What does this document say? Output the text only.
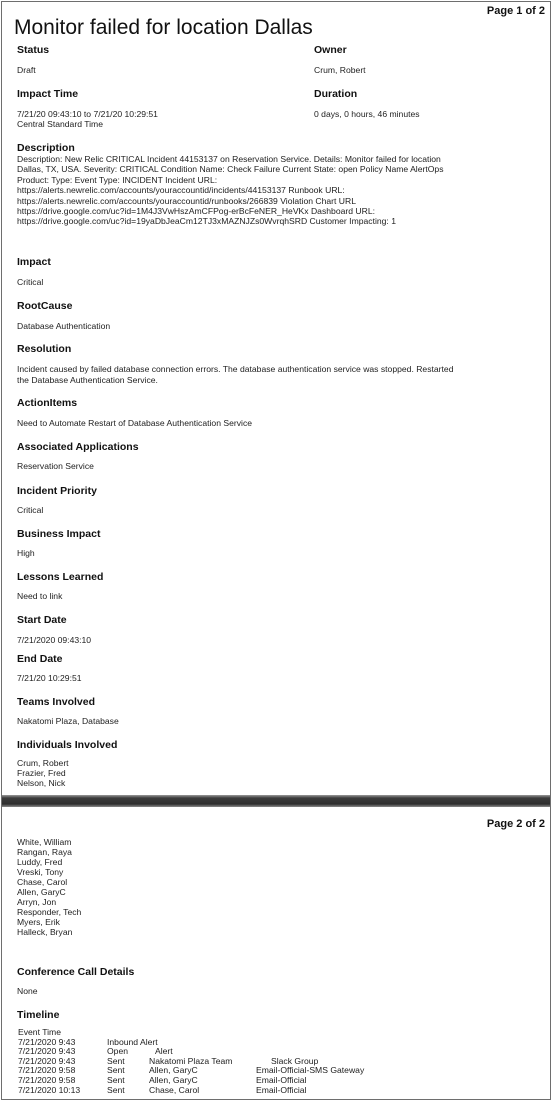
Page 1 of 2
Monitor failed for location Dallas
Status
Draft
Owner
Crum, Robert
Impact Time
7/21/20 09:43:10 to 7/21/20 10:29:51
Central Standard Time
Duration
0 days, 0 hours, 46 minutes
Description
Description: New Relic CRITICAL Incident 44153137 on Reservation Service. Details: Monitor failed for location
Dallas, TX, USA. Severity: CRITICAL Condition Name: Check Failure Current State: open Policy Name AlertOps
Product: Type: Event Type: INCIDENT Incident URL:
https://alerts.newrelic.com/accounts/youraccountid/incidents/44153137 Runbook URL:
https://alerts.newrelic.com/accounts/youraccountid/runbooks/266839 Violation Chart URL
https://drive.google.com/uc?id=1M4J3VwHszAmCFPog-erBcFeNER_HeVKx Dashboard URL:
https://drive.google.com/uc?id=19yaDbJeaCm12TJ3xMAZNJZs0WvrqhSRD Customer Impacting: 1
Impact
Critical
RootCause
Database Authentication
Resolution
Incident caused by failed database connection errors. The database authentication service was stopped. Restarted
the Database Authentication Service.
ActionItems
Need to Automate Restart of Database Authentication Service
Associated Applications
Reservation Service
Incident Priority
Critical
Business Impact
High
Lessons Learned
Need to link
Start Date
7/21/2020 09:43:10
End Date
7/21/20 10:29:51
Teams Involved
Nakatomi Plaza, Database
Individuals Involved
Crum, Robert
Frazier, Fred
Nelson, Nick
Page 2 of 2
White, William
Rangan, Raya
Luddy, Fred
Vreski, Tony
Chase, Carol
Allen, GaryC
Arryn, Jon
Responder, Tech
Myers, Erik
Halleck, Bryan
Conference Call Details
None
Timeline
Event Time
7/21/2020 9:43	Inbound Alert
7/21/2020 9:43	Open	Alert
7/21/2020 9:43	Sent	Nakatomi Plaza Team	Slack Group
7/21/2020 9:58	Sent	Allen, GaryC	Email-Official-SMS Gateway
7/21/2020 9:58	Sent	Allen, GaryC	Email-Official
7/21/2020 10:13	Sent	Chase, Carol	Email-Official
